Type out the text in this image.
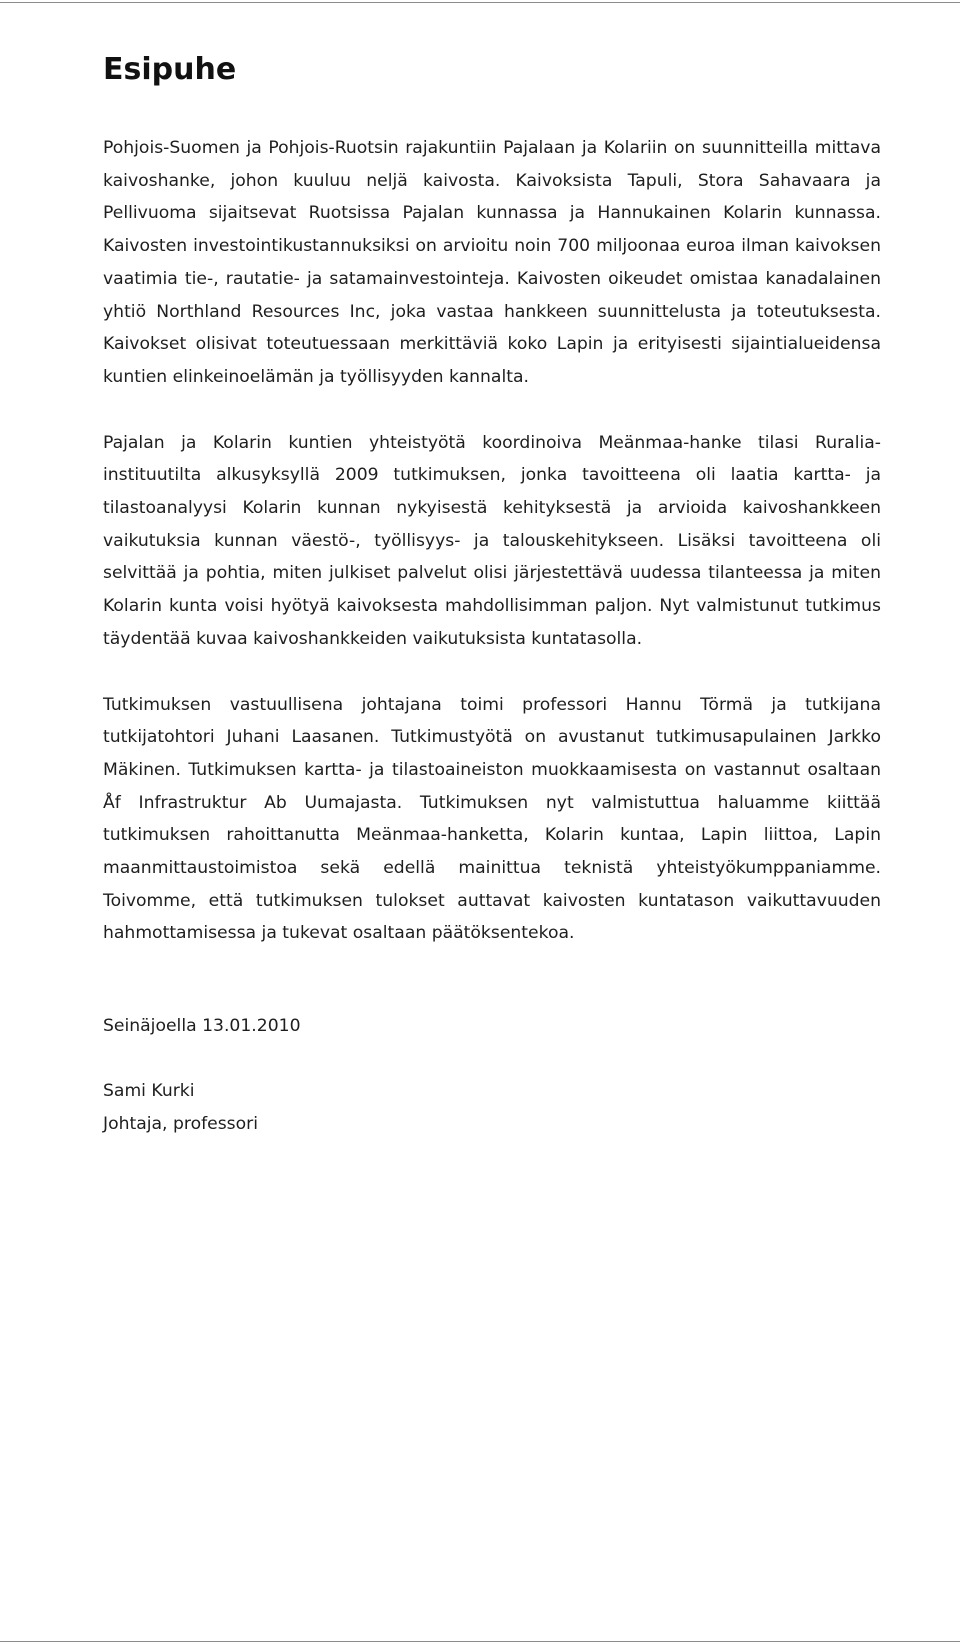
Esipuhe

Pohjois-Suomen ja Pohjois-Ruotsin rajakuntiin Pajalaan ja Kolariin on suunnitteilla mittava kaivoshanke, johon kuuluu neljä kaivosta. Kaivoksista Tapuli, Stora Sahavaara ja Pellivuoma sijaitsevat Ruotsissa Pajalan kunnassa ja Hannukainen Kolarin kunnassa. Kaivosten investointikustannuksiksi on arvioitu noin 700 miljoonaa euroa ilman kaivoksen vaatimia tie-, rautatie- ja satamainvestointeja. Kaivosten oikeudet omistaa kanadalainen yhtiö Northland Resources Inc, joka vastaa hankkeen suunnittelusta ja toteutuksesta. Kaivokset olisivat toteutuessaan merkittäviä koko Lapin ja erityisesti sijaintialueidensa kuntien elinkeinoelämän ja työllisyyden kannalta.

Pajalan ja Kolarin kuntien yhteistyötä koordinoiva Meänmaa-hanke tilasi Ruralia-instituutilta alkusyksyllä 2009 tutkimuksen, jonka tavoitteena oli laatia kartta- ja tilastoanalyysi Kolarin kunnan nykyisestä kehityksestä ja arvioida kaivoshankkeen vaikutuksia kunnan väestö-, työllisyys- ja talouskehitykseen. Lisäksi tavoitteena oli selvittää ja pohtia, miten julkiset palvelut olisi järjestettävä uudessa tilanteessa ja miten Kolarin kunta voisi hyötyä kaivoksesta mahdollisimman paljon. Nyt valmistunut tutkimus täydentää kuvaa kaivoshankkeiden vaikutuksista kuntatasolla.

Tutkimuksen vastuullisena johtajana toimi professori Hannu Törmä ja tutkijana tutkijatohtori Juhani Laasanen. Tutkimustyötä on avustanut tutkimusapulainen Jarkko Mäkinen. Tutkimuksen kartta- ja tilastoaineiston muokkaamisesta on vastannut osaltaan Åf Infrastruktur Ab Uumajasta. Tutkimuksen nyt valmistuttua haluamme kiittää tutkimuksen rahoittanutta Meänmaa-hanketta, Kolarin kuntaa, Lapin liittoa, Lapin maanmittaustoimistoa sekä edellä mainittua teknistä yhteistyökumppaniamme. Toivomme, että tutkimuksen tulokset auttavat kaivosten kuntatason vaikuttavuuden hahmottamisessa ja tukevat osaltaan päätöksentekoa.

Seinäjoella 13.01.2010

Sami Kurki

Johtaja, professori
